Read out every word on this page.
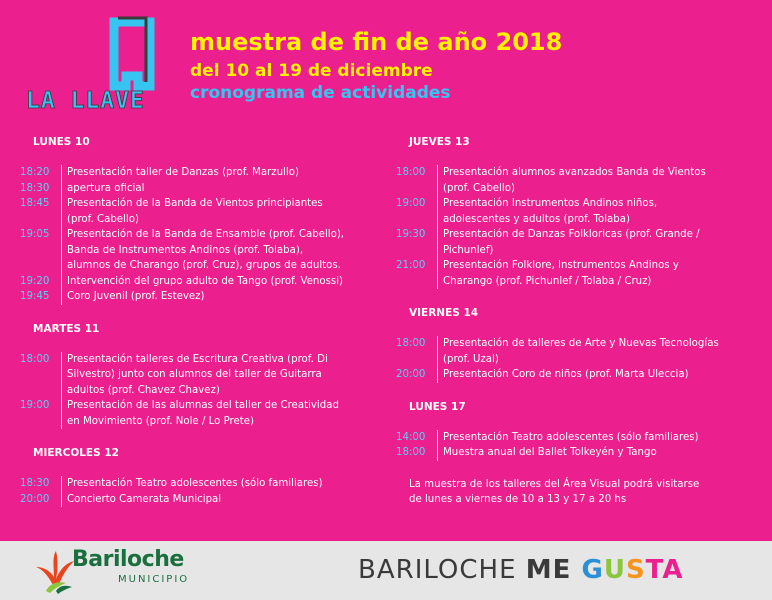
LA LLAVE
muestra de fin de año 2018
del 10 al 19 de diciembre
cronograma de actividades
LUNES 10
18:20	Presentación taller de Danzas (prof. Marzullo)
18:30	apertura oficial
18:45	Presentación de la Banda de Vientos principiantes
(prof. Cabello)
19:05	Presentación de la Banda de Ensamble (prof. Cabello),
Banda de Instrumentos Andinos (prof. Tolaba),
alumnos de Charango (prof. Cruz), grupos de adultos.
19:20	Intervención del grupo adulto de Tango (prof. Venossi)
19:45	Coro Juvenil (prof. Estevez)
MARTES 11
18:00	Presentación talleres de Escritura Creativa (prof. Di
Silvestro) junto con alumnos del taller de Guitarra
adultos (prof. Chavez Chavez)
19:00	Presentación de las alumnas del taller de Creatividad
en Movimiento (prof. Nole / Lo Prete)
MIERCOLES 12
18:30	Presentación Teatro adolescentes (sólo familiares)
20:00	Concierto Camerata Municipal
JUEVES 13
18:00	Presentación alumnos avanzados Banda de Vientos
(prof. Cabello)
19:00	Presentación Instrumentos Andinos niños,
adolescentes y adultos (prof. Tolaba)
19:30	Presentación de Danzas Folkloricas (prof. Grande /
Pichunlef)
21:00	Presentación Folklore, Instrumentos Andinos y
Charango (prof. Pichunlef / Tolaba / Cruz)
VIERNES 14
18:00	Presentación de talleres de Arte y Nuevas Tecnologías
(prof. Uzal)
20:00	Presentación Coro de niños (prof. Marta Uleccia)
LUNES 17
14:00	Presentación Teatro adolescentes (sólo familiares)
18:00	Muestra anual del Ballet Tolkeyén y Tango
La muestra de los talleres del Área Visual podrá visitarse
de lunes a viernes de 10 a 13 y 17 a 20 hs
Bariloche
MUNICIPIO	BARILOCHE ME GUSTA
